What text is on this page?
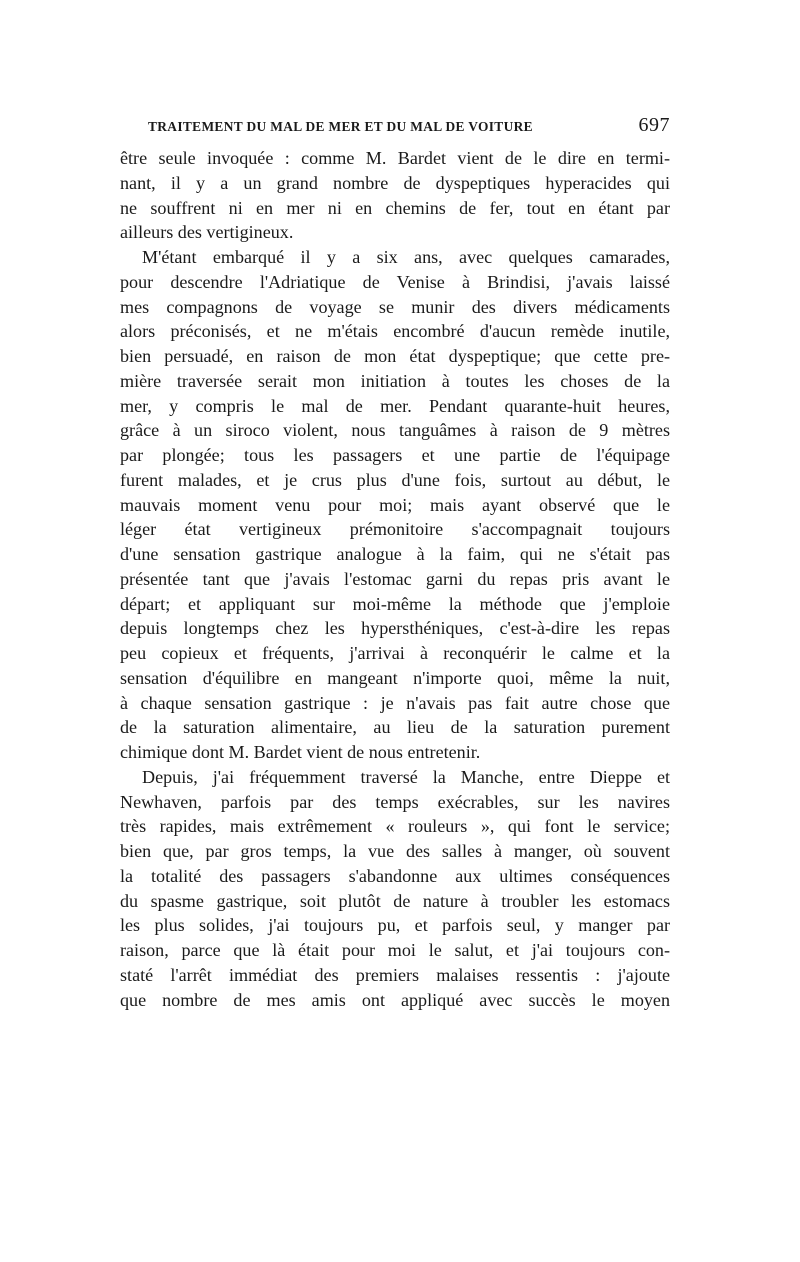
TRAITEMENT DU MAL DE MER ET DU MAL DE VOITURE	697
être seule invoquée : comme M. Bardet vient de le dire en termi-
nant, il y a un grand nombre de dyspeptiques hyperacides qui
ne souffrent ni en mer ni en chemins de fer, tout en étant par
ailleurs des vertigineux.
M'étant embarqué il y a six ans, avec quelques camarades,
pour descendre l'Adriatique de Venise à Brindisi, j'avais laissé
mes compagnons de voyage se munir des divers médicaments
alors préconisés, et ne m'étais encombré d'aucun remède inutile,
bien persuadé, en raison de mon état dyspeptique; que cette pre-
mière traversée serait mon initiation à toutes les choses de la
mer, y compris le mal de mer. Pendant quarante-huit heures,
grâce à un siroco violent, nous tanguâmes à raison de 9 mètres
par plongée; tous les passagers et une partie de l'équipage
furent malades, et je crus plus d'une fois, surtout au début, le
mauvais moment venu pour moi; mais ayant observé que le
léger état vertigineux prémonitoire s'accompagnait toujours
d'une sensation gastrique analogue à la faim, qui ne s'était pas
présentée tant que j'avais l'estomac garni du repas pris avant le
départ; et appliquant sur moi-même la méthode que j'emploie
depuis longtemps chez les hypersthéniques, c'est-à-dire les repas
peu copieux et fréquents, j'arrivai à reconquérir le calme et la
sensation d'équilibre en mangeant n'importe quoi, même la nuit,
à chaque sensation gastrique : je n'avais pas fait autre chose que
de la saturation alimentaire, au lieu de la saturation purement
chimique dont M. Bardet vient de nous entretenir.
Depuis, j'ai fréquemment traversé la Manche, entre Dieppe et
Newhaven, parfois par des temps exécrables, sur les navires
très rapides, mais extrêmement « rouleurs », qui font le service;
bien que, par gros temps, la vue des salles à manger, où souvent
la totalité des passagers s'abandonne aux ultimes conséquences
du spasme gastrique, soit plutôt de nature à troubler les estomacs
les plus solides, j'ai toujours pu, et parfois seul, y manger par
raison, parce que là était pour moi le salut, et j'ai toujours con-
staté l'arrêt immédiat des premiers malaises ressentis : j'ajoute
que nombre de mes amis ont appliqué avec succès le moyen
